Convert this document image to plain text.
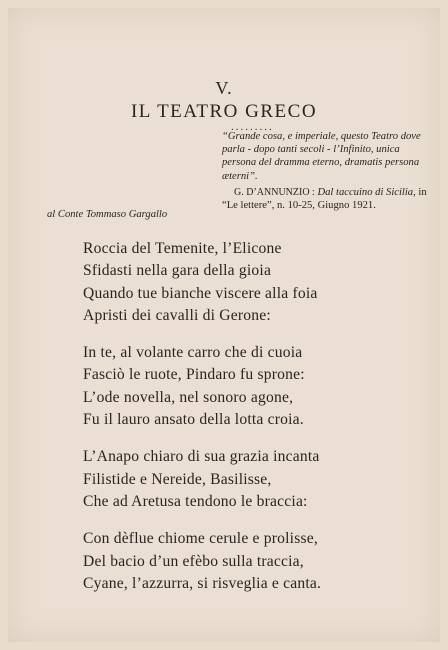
V.
IL TEATRO GRECO
.........
“Grande cosa, e imperiale, questo Teatro dove parla - dopo tanti secoli - l’Infinito, unica persona del dramma eterno, dramatis persona æterni”.
G. D’ANNUNZIO : Dal taccuino di Sicilia, in “Le lettere”, n. 10-25, Giugno 1921.
al Conte Tommaso Gargallo
Roccia del Temenite, l’Elicone
Sfidasti nella gara della gioia
Quando tue bianche viscere alla foia
Apristi dei cavalli di Gerone:
In te, al volante carro che di cuoia
Fasciò le ruote, Pindaro fu sprone:
L’ode novella, nel sonoro agone,
Fu il lauro ansato della lotta croia.
L’Anapo chiaro di sua grazia incanta
Filistide e Nereide, Basilisse,
Che ad Aretusa tendono le braccia:
Con dèflue chiome cerule e prolisse,
Del bacio d’un efèbo sulla traccia,
Cyane, l’azzurra, si risveglia e canta.
